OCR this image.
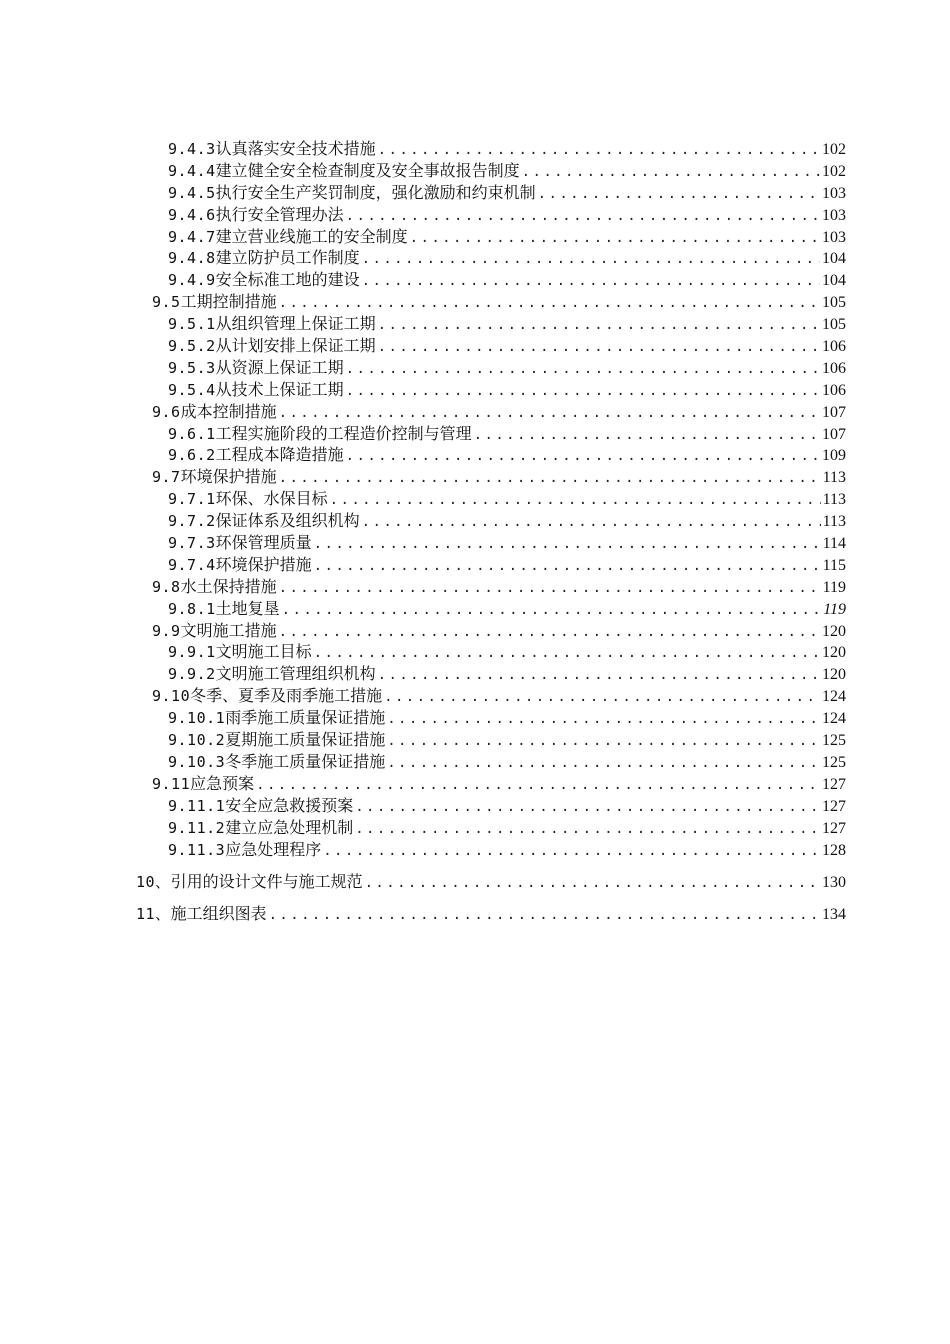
9.4.3 认真落实安全技术措施 .....	102
9.4.4 建立健全安全检查制度及安全事故报告制度 .....	102
9.4.5 执行安全生产奖罚制度，强化激励和约束机制 .....	103
9.4.6 执行安全管理办法 .....	103
9.4.7 建立营业线施工的安全制度 .....	103
9.4.8 建立防护员工作制度 .....	104
9.4.9 安全标准工地的建设 .....	104
9.5 工期控制措施 .....	105
9.5.1 从组织管理上保证工期 .....	105
9.5.2 从计划安排上保证工期 .....	106
9.5.3 从资源上保证工期 .....	106
9.5.4 从技术上保证工期 .....	106
9.6 成本控制措施 .....	107
9.6.1 工程实施阶段的工程造价控制与管理 .....	107
9.6.2 工程成本降造措施 .....	109
9.7 环境保护措施 .....	113
9.7.1 环保、水保目标 .....	113
9.7.2 保证体系及组织机构 .....	113
9.7.3 环保管理质量 .....	114
9.7.4 环境保护措施 .....	115
9.8 水土保持措施 .....	119
9.8.1 土地复垦 .....	119
9.9 文明施工措施 .....	120
9.9.1 文明施工目标 .....	120
9.9.2 文明施工管理组织机构 .....	120
9.10 冬季、夏季及雨季施工措施 .....	124
9.10.1 雨季施工质量保证措施 .....	124
9.10.2 夏期施工质量保证措施 .....	125
9.10.3 冬季施工质量保证措施 .....	125
9.11 应急预案 .....	127
9.11.1 安全应急救援预案 .....	127
9.11.2 建立应急处理机制 .....	127
9.11.3 应急处理程序 .....	128
10、 引用的设计文件与施工规范 .....	130
11、 施工组织图表 .....	134
